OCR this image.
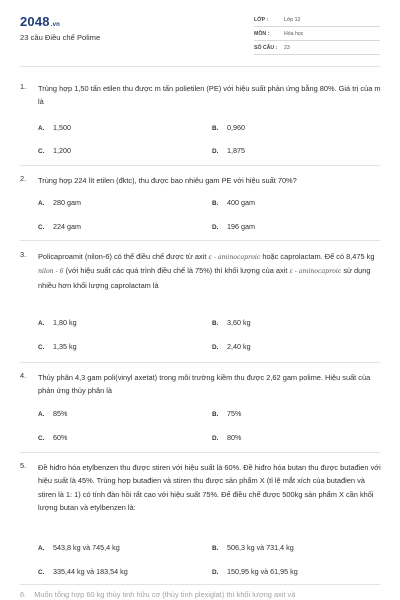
2048.vn
23 câu Điều chế Polime
LỚP :	Lớp 12
MÔN :	Hóa học
SỐ CÂU : 23
1. Trùng hợp 1,50 tấn etilen thu được m tấn polietilen (PE) với hiệu suất phản ứng bằng 80%. Giá trị của m là
A. 1,500	B. 0,960
C. 1,200	D. 1,875
2. Trùng hợp 224 lít etilen (đktc), thu được bao nhiêu gam PE với hiệu suất 70%?
A. 280 gam	B. 400 gam
C. 224 gam	D. 196 gam
3. Policaproamit (nilon-6) có thể điều chế được từ axit ε - aminocaproic hoặc caprolactam. Để có 8,475 kg nilon - 6 (với hiệu suất các quá trình điều chế là 75%) thì khối lượng của axit ε - aminocaproic sử dụng nhiều hơn khối lượng caprolactam là
A. 1,80 kg	B. 3,60 kg
C. 1,35 kg	D. 2,40 kg
4. Thủy phân 4,3 gam poli(vinyl axetat) trong môi trường kiềm thu được 2,62 gam polime. Hiệu suất của phản ứng thủy phân là
A. 85%	B. 75%
C. 60%	D. 80%
5. Đề hiđro hóa etylbenzen thu được stiren với hiệu suất là 60%. Đề hiđro hóa butan thu được butađien với hiệu suất là 45%. Trùng hợp butađien và stiren thu được sản phẩm X (tỉ lệ mắt xích của butađien và stiren là 1: 1) có tính đàn hồi rất cao với hiệu suất 75%. Để điều chế được 500kg sản phẩm X cần khối lượng butan và etylbenzen là:
A. 543,8 kg và 745,4 kg	B. 506,3 kg và 731,4 kg
C. 335,44 kg và 183,54 kg	D. 150,95 kg và 61,95 kg
6. Muốn tổng hợp 60 kg thủy tinh hữu cơ (thủy tinh plexiglat) thì khối lượng axit và
